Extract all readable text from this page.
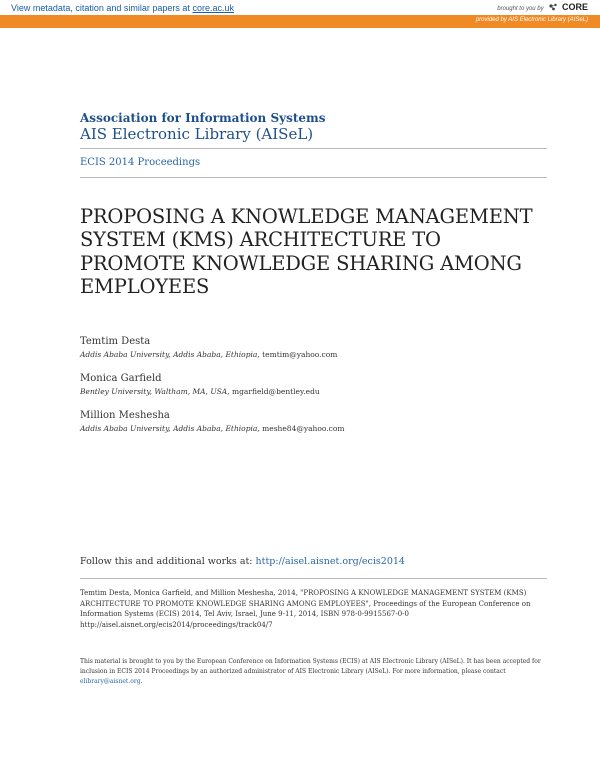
View metadata, citation and similar papers at core.ac.uk	brought to you by CORE
provided by AIS Electronic Library (AISeL)
Association for Information Systems
AIS Electronic Library (AISeL)
ECIS 2014 Proceedings
PROPOSING A KNOWLEDGE MANAGEMENT SYSTEM (KMS) ARCHITECTURE TO PROMOTE KNOWLEDGE SHARING AMONG EMPLOYEES
Temtim Desta
Addis Ababa University, Addis Ababa, Ethiopia, temtim@yahoo.com
Monica Garfield
Bentley University, Waltham, MA, USA, mgarfield@bentley.edu
Million Meshesha
Addis Ababa University, Addis Ababa, Ethiopia, meshe84@yahoo.com
Follow this and additional works at: http://aisel.aisnet.org/ecis2014
Temtim Desta, Monica Garfield, and Million Meshesha, 2014, "PROPOSING A KNOWLEDGE MANAGEMENT SYSTEM (KMS) ARCHITECTURE TO PROMOTE KNOWLEDGE SHARING AMONG EMPLOYEES", Proceedings of the European Conference on Information Systems (ECIS) 2014, Tel Aviv, Israel, June 9-11, 2014, ISBN 978-0-9915567-0-0 http://aisel.aisnet.org/ecis2014/proceedings/track04/7
This material is brought to you by the European Conference on Information Systems (ECIS) at AIS Electronic Library (AISeL). It has been accepted for inclusion in ECIS 2014 Proceedings by an authorized administrator of AIS Electronic Library (AISeL). For more information, please contact elibrary@aisnet.org.
